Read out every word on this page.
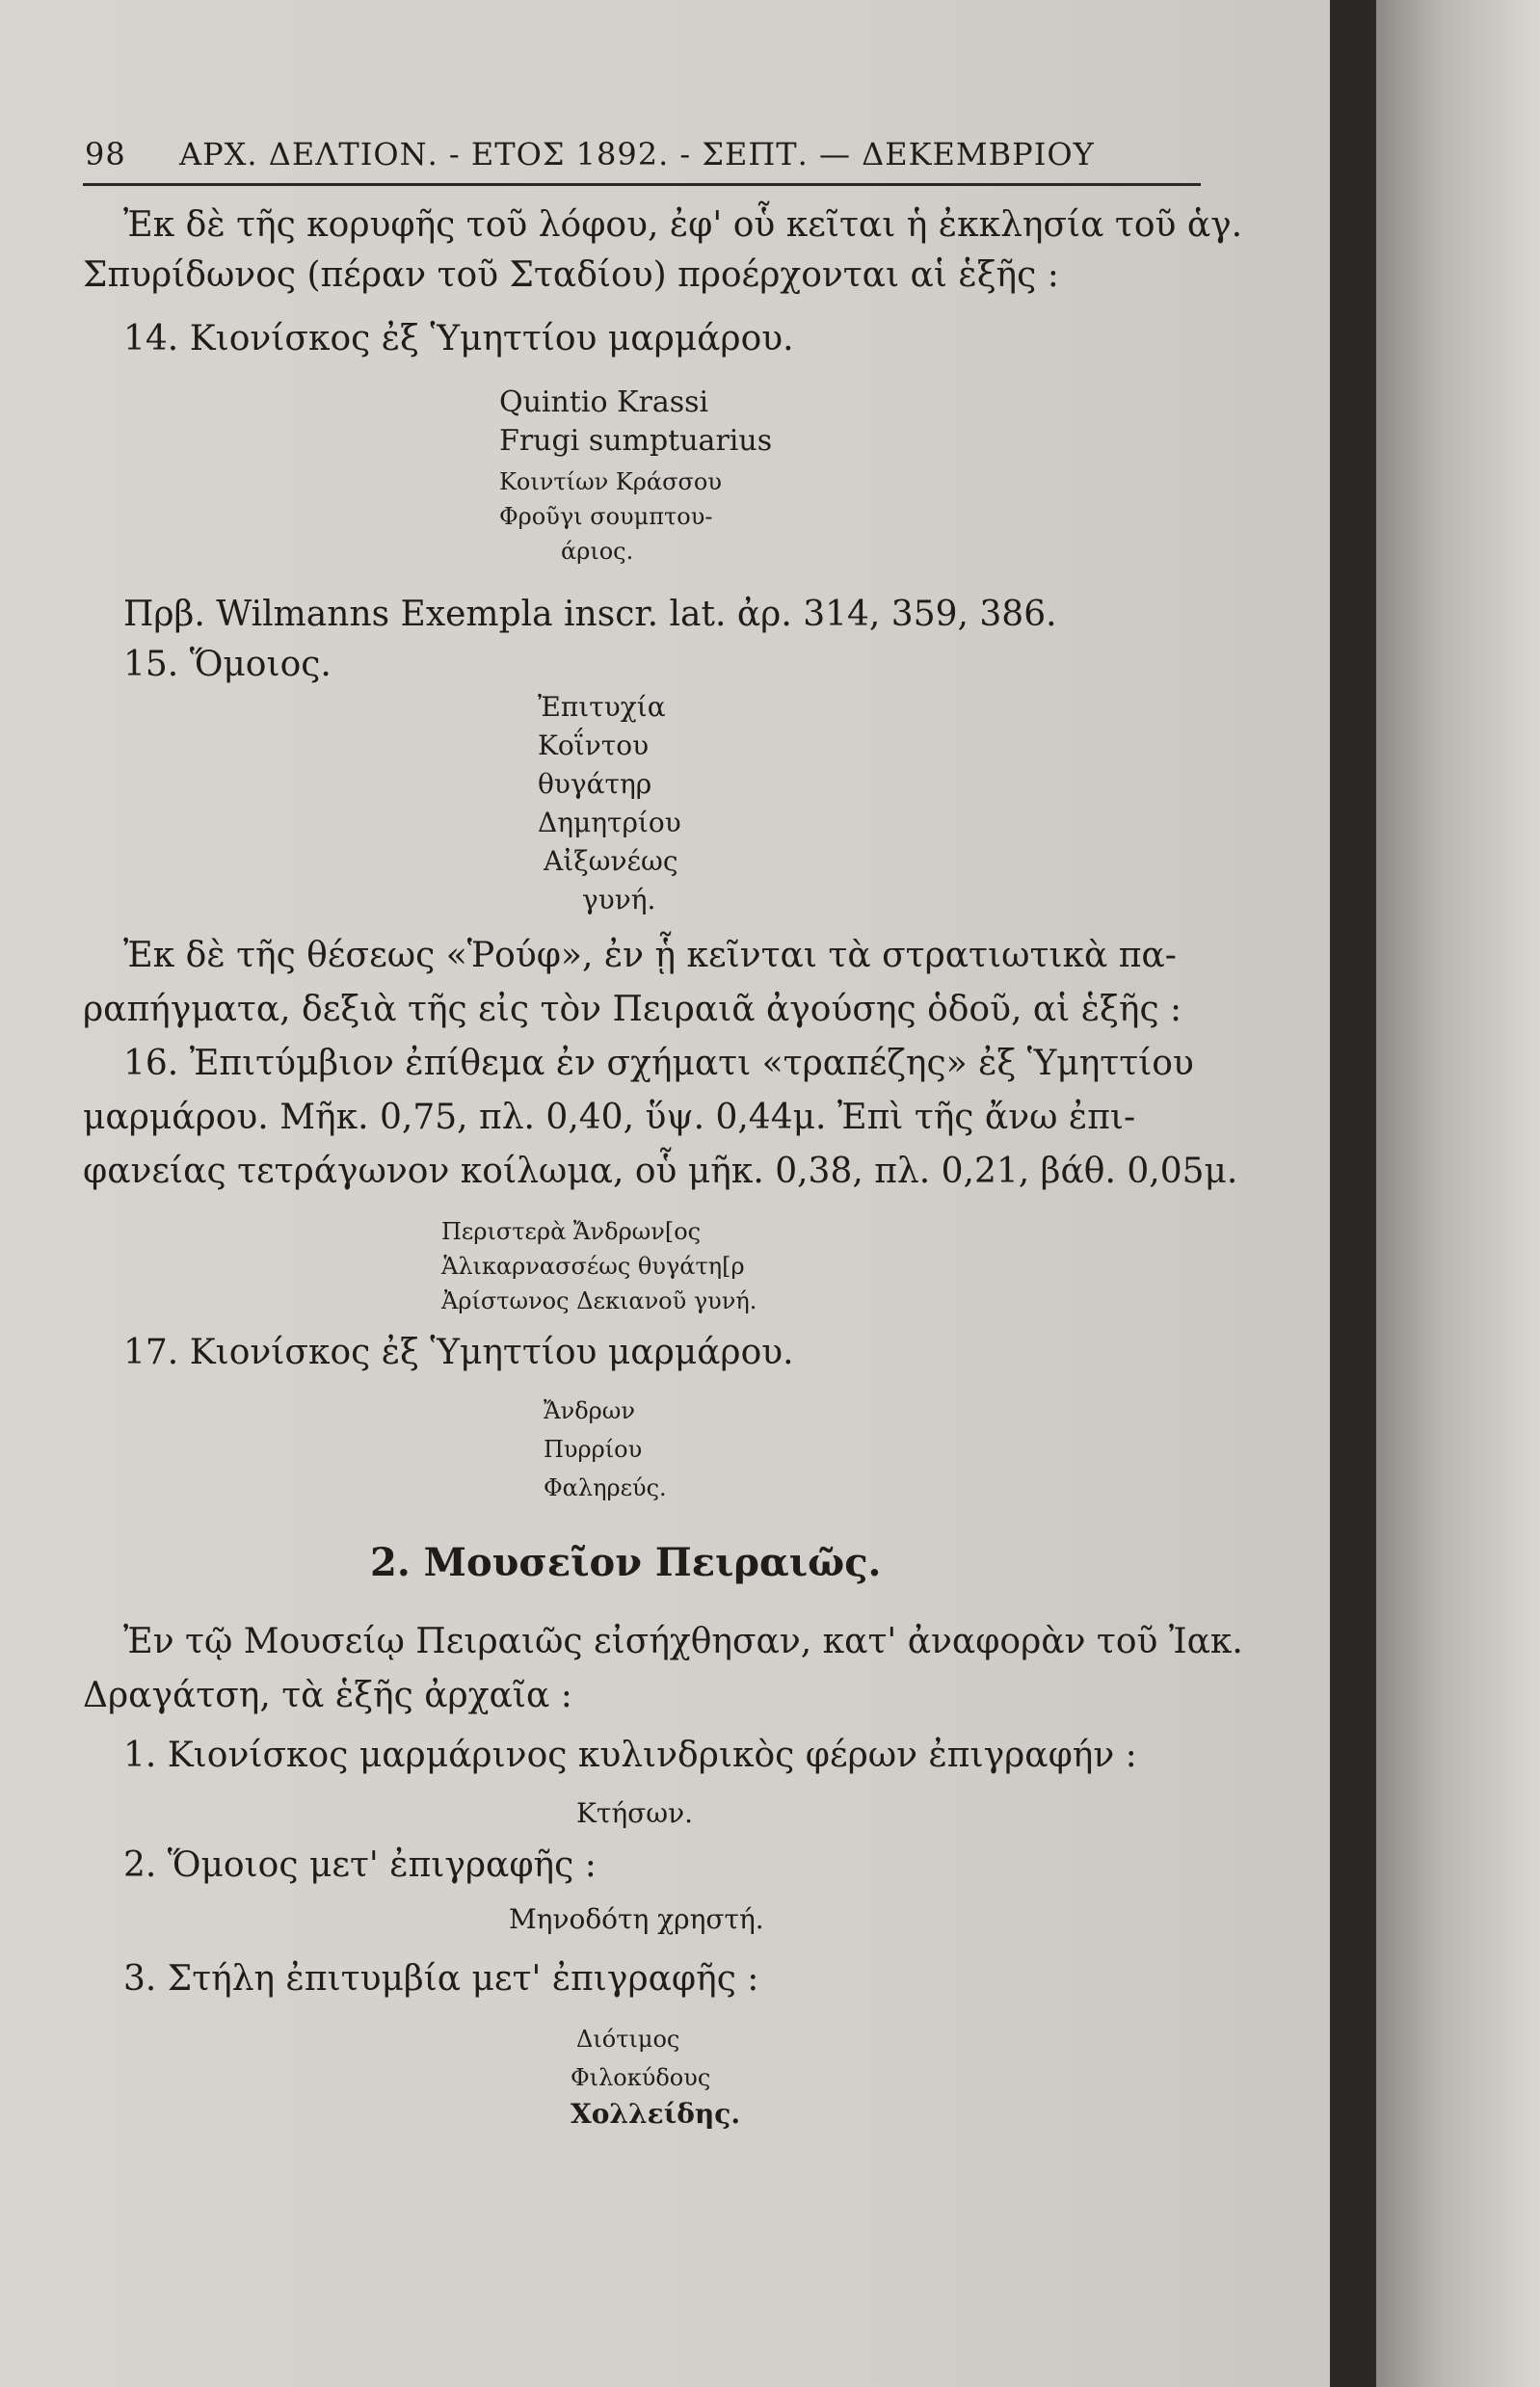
98 ΑΡΧ. ΔΕΛΤΙΟΝ. - ΕΤΟΣ 1892. - ΣΕΠΤ. — ΔΕΚΕΜΒΡΙΟΥ
Ἐκ δὲ τῆς κορυφῆς τοῦ λόφου, ἐφ' οὗ κεῖται ἡ ἐκκλησία τοῦ ἁγ.
Σπυρίδωνος (πέραν τοῦ Σταδίου) προέρχονται αἱ ἑξῆς :
14. Κιονίσκος ἐξ Ὑμηττίου μαρμάρου.
Quintio Krassi
Frugi sumptuarius
Κοιντίων Κράσσου
Φροῦγι σουμπτου-
άριος.
Πρβ. Wilmanns Exempla inscr. lat. ἀρ. 314, 359, 386.
15. Ὅμοιος.
Ἐπιτυχία
Κοΐντου
θυγάτηρ
Δημητρίου
Αἰξωνέως
γυνή.
Ἐκ δὲ τῆς θέσεως «Ῥούφ», ἐν ᾗ κεῖνται τὰ στρατιωτικὰ πα-
ραπήγματα, δεξιὰ τῆς εἰς τὸν Πειραιᾶ ἀγούσης ὁδοῦ, αἱ ἑξῆς :
16. Ἐπιτύμβιον ἐπίθεμα ἐν σχήματι «τραπέζης» ἐξ Ὑμηττίου
μαρμάρου. Μῆκ. 0,75, πλ. 0,40, ὕψ. 0,44μ. Ἐπὶ τῆς ἄνω ἐπι-
φανείας τετράγωνον κοίλωμα, οὗ μῆκ. 0,38, πλ. 0,21, βάθ. 0,05μ.
Περιστερὰ Ἄνδρων[ος
Ἁλικαρνασσέως θυγάτη[ρ
Ἀρίστωνος Δεκιανοῦ γυνή.
17. Κιονίσκος ἐξ Ὑμηττίου μαρμάρου.
Ἄνδρων
Πυρρίου
Φαληρεύς.
2. Μουσεῖον Πειραιῶς.
Ἐν τῷ Μουσείῳ Πειραιῶς εἰσήχθησαν, κατ' ἀναφορὰν τοῦ Ἰακ.
Δραγάτση, τὰ ἑξῆς ἀρχαῖα :
1. Κιονίσκος μαρμάρινος κυλινδρικὸς φέρων ἐπιγραφήν :
Κτήσων.
2. Ὅμοιος μετ' ἐπιγραφῆς :
Μηνοδότη χρηστή.
3. Στήλη ἐπιτυμβία μετ' ἐπιγραφῆς :
Διότιμος
Φιλοκύδους
Χολλείδης.
